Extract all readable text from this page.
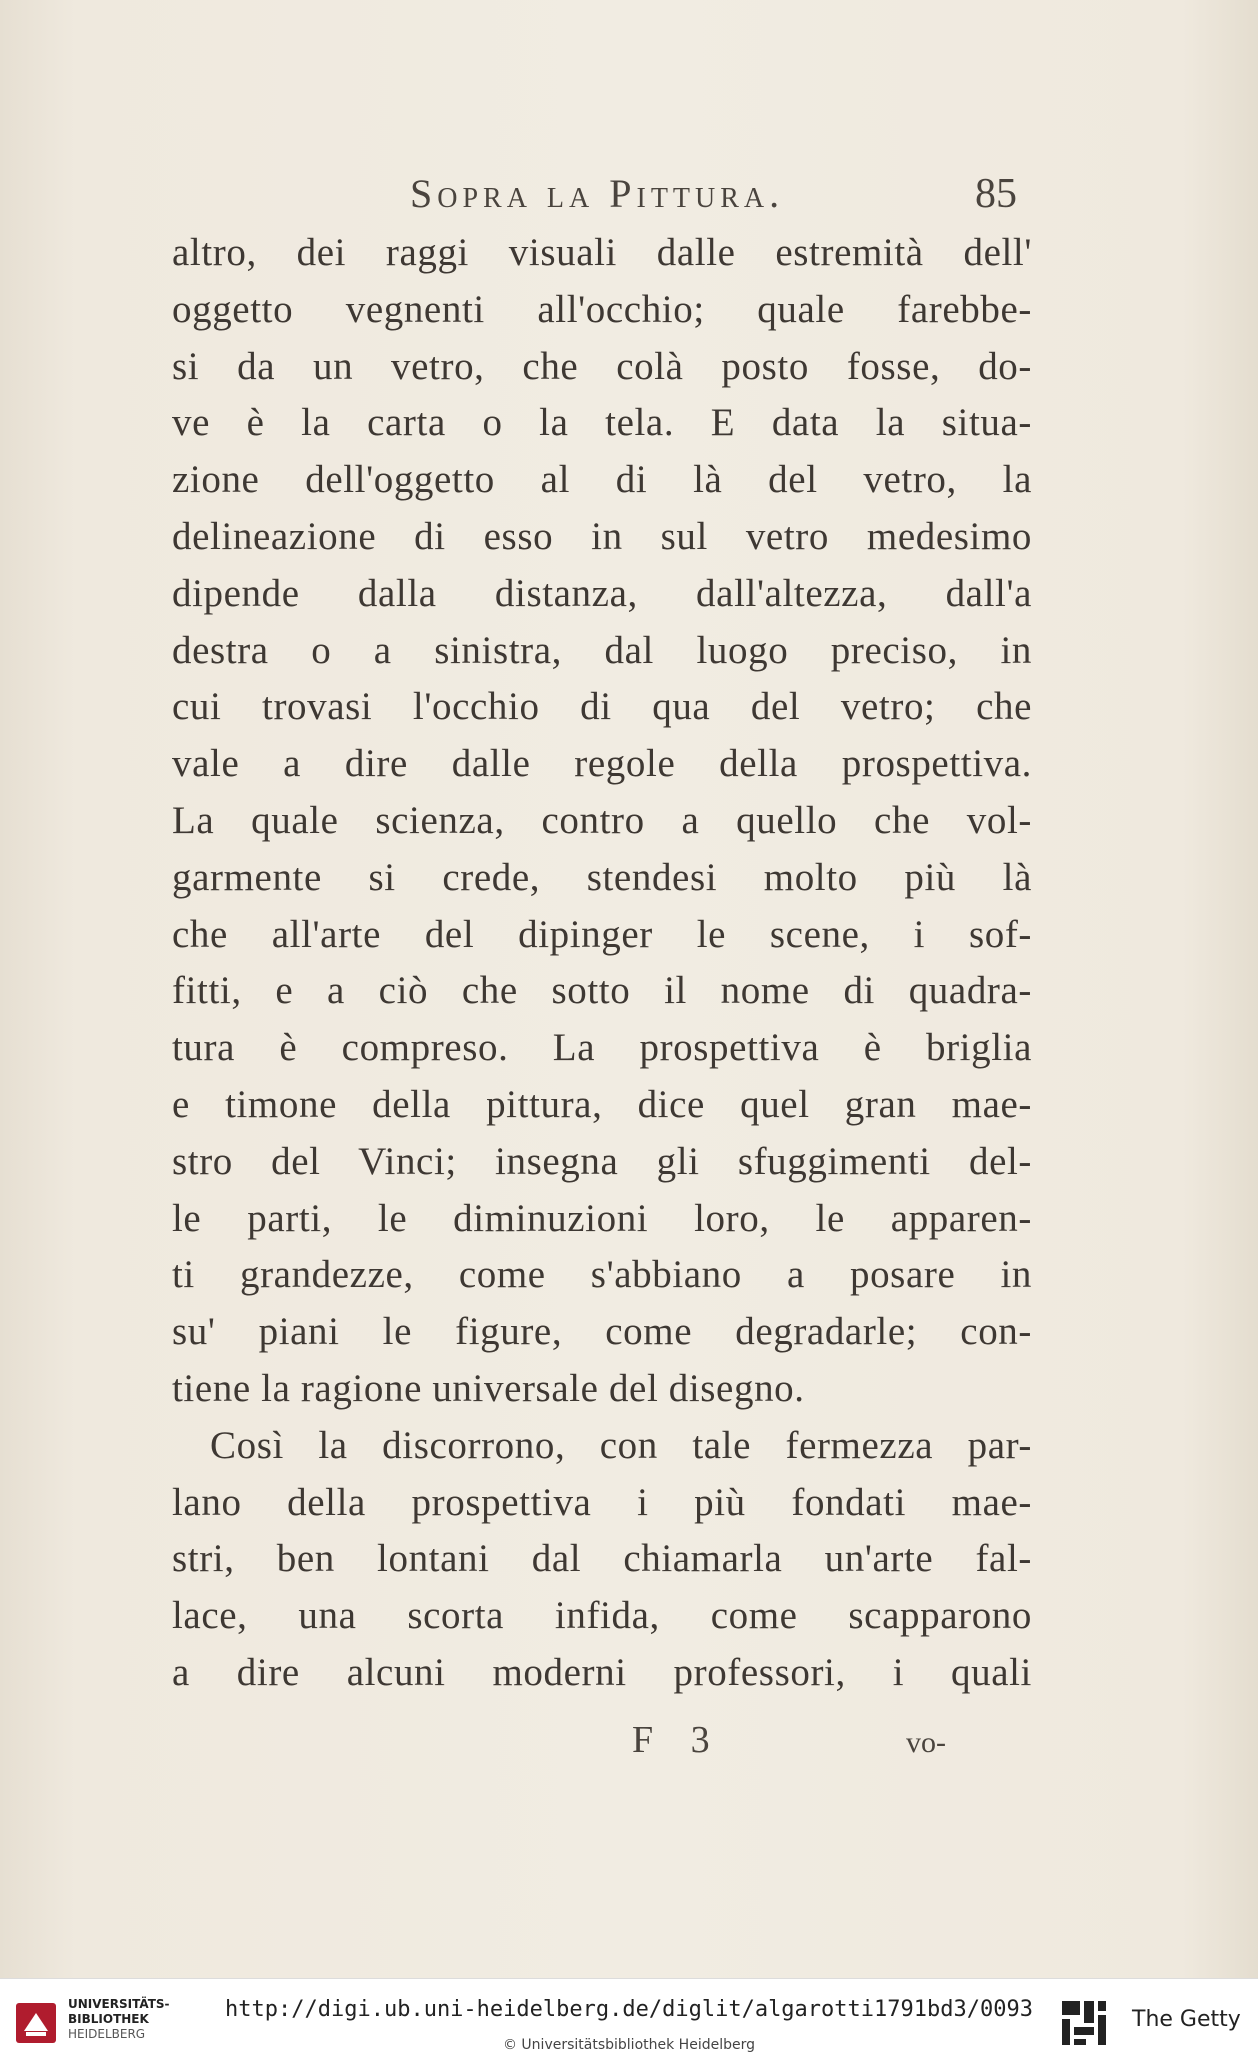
Sopra la Pittura.	85
altro, dei raggi visuali dalle estremità dell'
oggetto vegnenti all'occhio; quale farebbe-
si da un vetro, che colà posto fosse, do-
ve è la carta o la tela. E data la situa-
zione dell'oggetto al di là del vetro, la
delineazione di esso in sul vetro medesimo
dipende dalla distanza, dall'altezza, dall'a
destra o a sinistra, dal luogo preciso, in
cui trovasi l'occhio di qua del vetro; che
vale a dire dalle regole della prospettiva.
La quale scienza, contro a quello che vol-
garmente si crede, stendesi molto più là
che all'arte del dipinger le scene, i sof-
fitti, e a ciò che sotto il nome di quadra-
tura è compreso. La prospettiva è briglia
e timone della pittura, dice quel gran mae-
stro del Vinci; insegna gli sfuggimenti del-
le parti, le diminuzioni loro, le apparen-
ti grandezze, come s'abbiano a posare in
su' piani le figure, come degradarle; con-
tiene la ragione universale del disegno.
Così la discorrono, con tale fermezza par-
lano della prospettiva i più fondati mae-
stri, ben lontani dal chiamarla un'arte fal-
lace, una scorta infida, come scapparono
a dire alcuni moderni professori, i quali
F 3	vo-
UNIVERSITÄTS-
BIBLIOTHEK
HEIDELBERG
http://digi.ub.uni-heidelberg.de/diglit/algarotti1791bd3/0093
© Universitätsbibliothek Heidelberg
The Getty
